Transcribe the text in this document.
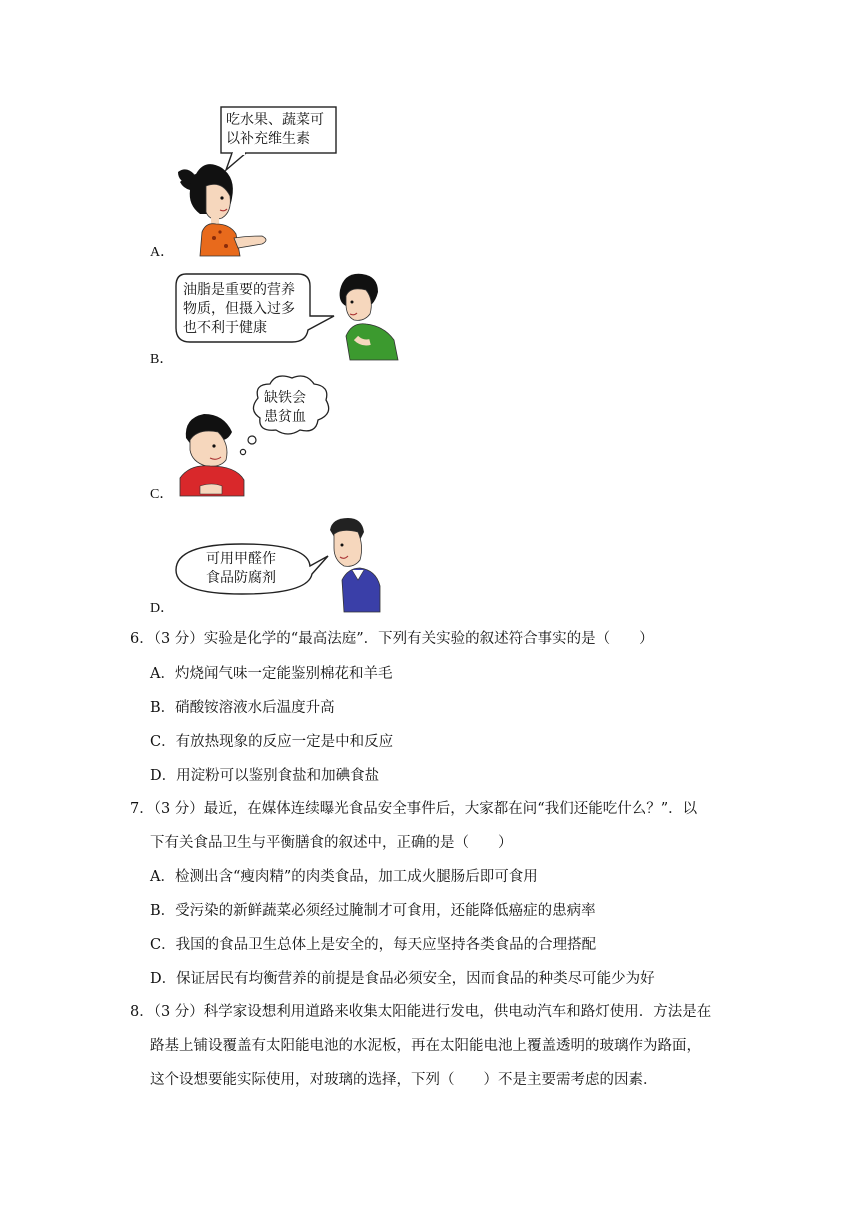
吃水果、蔬菜可
以补充维生素
A．
油脂是重要的营养
物质，但摄入过多
也不利于健康
B．
缺铁会
患贫血
C．
可用甲醛作
食品防腐剂
D．
6．（3 分）实验是化学的“最高法庭”．下列有关实验的叙述符合事实的是（　　）
A．灼烧闻气味一定能鉴别棉花和羊毛
B．硝酸铵溶液水后温度升高
C．有放热现象的反应一定是中和反应
D．用淀粉可以鉴别食盐和加碘食盐
7．（3 分）最近，在媒体连续曝光食品安全事件后，大家都在问“我们还能吃什么？”．以
下有关食品卫生与平衡膳食的叙述中，正确的是（　　）
A．检测出含“瘦肉精”的肉类食品，加工成火腿肠后即可食用
B．受污染的新鲜蔬菜必须经过腌制才可食用，还能降低癌症的患病率
C．我国的食品卫生总体上是安全的，每天应坚持各类食品的合理搭配
D．保证居民有均衡营养的前提是食品必须安全，因而食品的种类尽可能少为好
8．（3 分）科学家设想利用道路来收集太阳能进行发电，供电动汽车和路灯使用．方法是在
路基上铺设覆盖有太阳能电池的水泥板，再在太阳能电池上覆盖透明的玻璃作为路面，
这个设想要能实际使用，对玻璃的选择，下列（　　）不是主要需考虑的因素．
